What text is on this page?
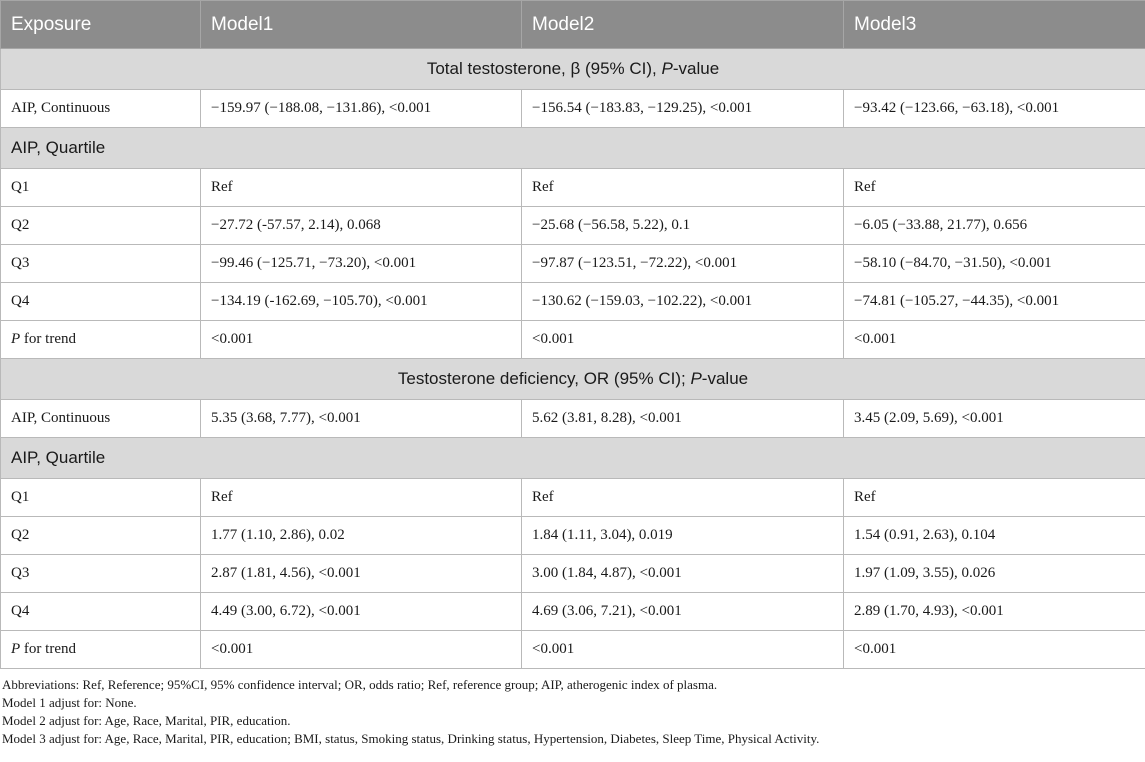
Exposure	Model1	Model2	Model3
Total testosterone, β (95% CI), P-value			
AIP, Continuous	−159.97 (−188.08, −131.86), <0.001	−156.54 (−183.83, −129.25), <0.001	−93.42 (−123.66, −63.18), <0.001
AIP, Quartile			
Q1	Ref	Ref	Ref
Q2	−27.72 (-57.57, 2.14), 0.068	−25.68 (−56.58, 5.22), 0.1	−6.05 (−33.88, 21.77), 0.656
Q3	−99.46 (−125.71, −73.20), <0.001	−97.87 (−123.51, −72.22), <0.001	−58.10 (−84.70, −31.50), <0.001
Q4	−134.19 (-162.69, −105.70), <0.001	−130.62 (−159.03, −102.22), <0.001	−74.81 (−105.27, −44.35), <0.001
P for trend	<0.001	<0.001	<0.001
Testosterone deficiency, OR (95% CI); P-value			
AIP, Continuous	5.35 (3.68, 7.77), <0.001	5.62 (3.81, 8.28), <0.001	3.45 (2.09, 5.69), <0.001
AIP, Quartile			
Q1	Ref	Ref	Ref
Q2	1.77 (1.10, 2.86), 0.02	1.84 (1.11, 3.04), 0.019	1.54 (0.91, 2.63), 0.104
Q3	2.87 (1.81, 4.56), <0.001	3.00 (1.84, 4.87), <0.001	1.97 (1.09, 3.55), 0.026
Q4	4.49 (3.00, 6.72), <0.001	4.69 (3.06, 7.21), <0.001	2.89 (1.70, 4.93), <0.001
P for trend	<0.001	<0.001	<0.001
Abbreviations: Ref, Reference; 95%CI, 95% confidence interval; OR, odds ratio; Ref, reference group; AIP, atherogenic index of plasma.
Model 1 adjust for: None.
Model 2 adjust for: Age, Race, Marital, PIR, education.
Model 3 adjust for: Age, Race, Marital, PIR, education; BMI, status, Smoking status, Drinking status, Hypertension, Diabetes, Sleep Time, Physical Activity.
